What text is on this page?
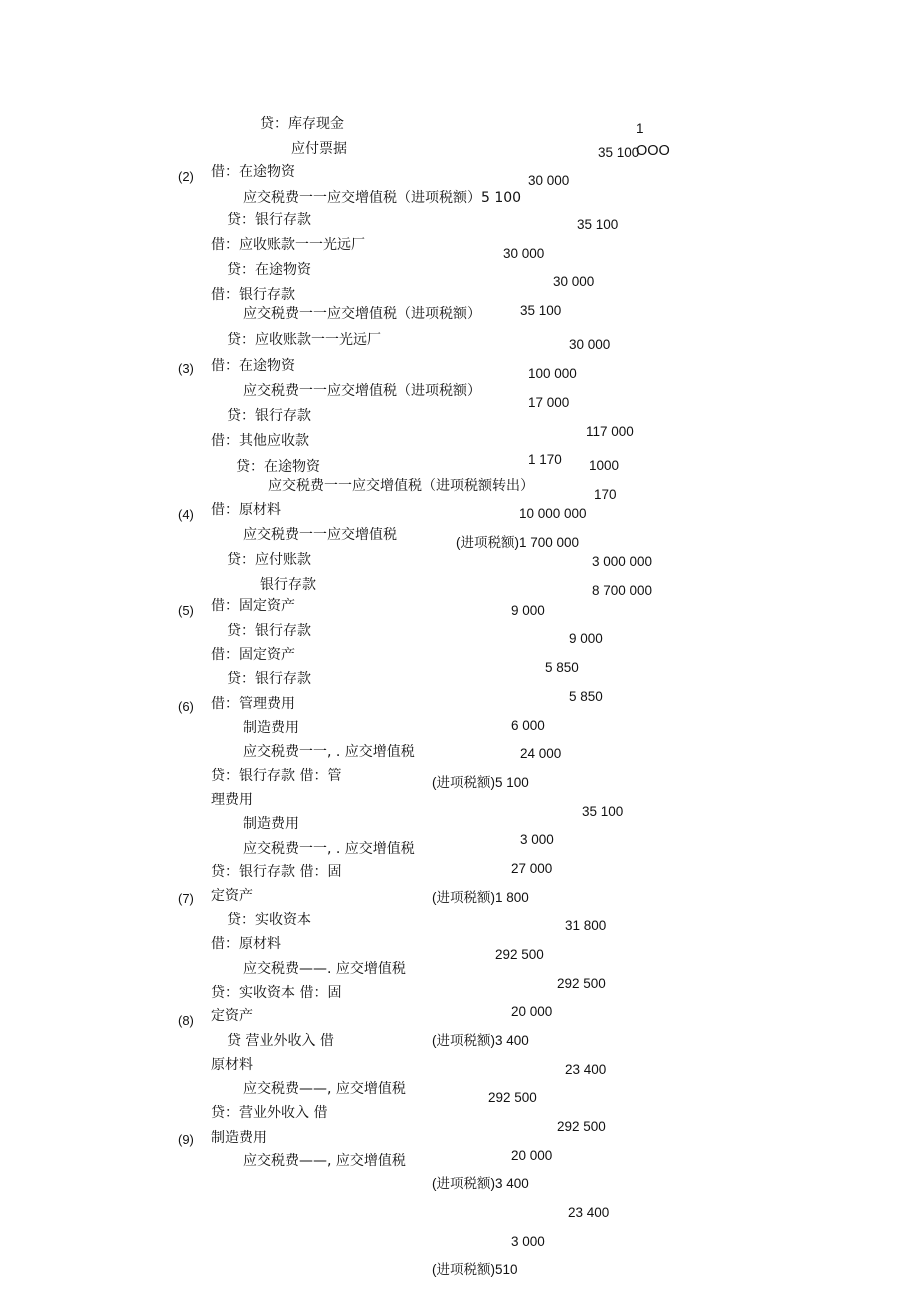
贷：库存现金
应付票据
借：在途物资
应交税费一一应交增值税（进项税额）5 100
贷：银行存款
借：应收账款一一光远厂
贷：在途物资
借：银行存款
应交税费一一应交增值税（进项税额）
贷：应收账款一一光远厂
借：在途物资
应交税费一一应交增值税（进项税额）
贷：银行存款
借：其他应收款
贷：在途物资
应交税费一一应交增值税（进项税额转出）
借：原材料
应交税费一一应交增值税
贷：应付账款
银行存款
借：固定资产
贷：银行存款
借：固定资产
贷：银行存款
借：管理费用
制造费用
应交税费一一, . 应交增值税
贷：银行存款 借：管
理费用
制造费用
应交税费一一, . 应交增值税
贷：银行存款 借：固
定资产
贷：实收资本
借：原材料
应交税费——. 应交增值税
贷：实收资本 借：固
定资产
贷 营业外收入 借
原材料
应交税费——, 应交增值税
贷：营业外收入 借
制造费用
应交税费——, 应交增值税
(2)
(3)
(4)
(5)
(6)
(7)
(8)
(9)
1
35 100
OOO
30 000
35 100
30 000
30 000
35 100
30 000
100 000
17 000
117 000
1 170 1000
170
10 000 000
(进项税额)1 700 000
3 000 000
8 700 000
9 000
9 000
5 850
5 850
6 000
24 000
(进项税额)5 100
35 100
3 000
27 000
(进项税额)1 800
31 800
292 500
292 500
20 000
(进项税额)3 400
23 400
292 500
292 500
20 000
(进项税额)3 400
23 400
3 000
(进项税额)510
